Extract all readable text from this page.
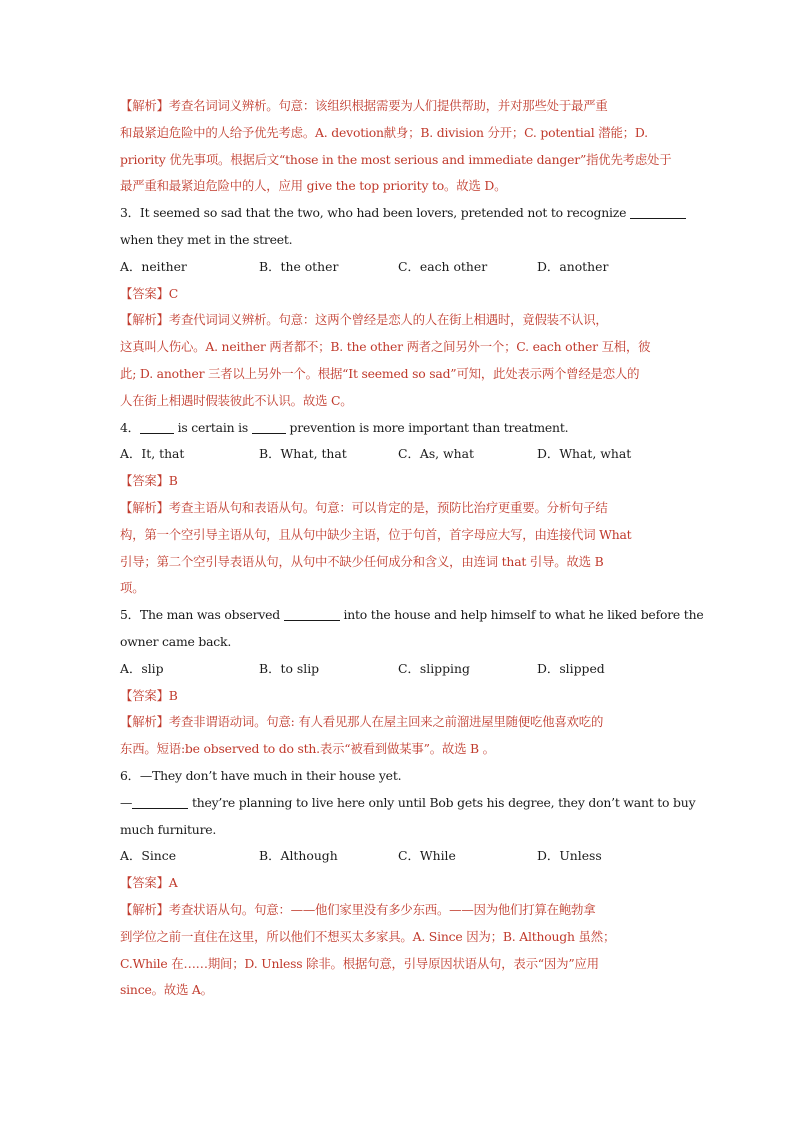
【解析】考查名词词义辨析。句意：该组织根据需要为人们提供帮助，并对那些处于最严重
和最紧迫危险中的人给予优先考虑。A. devotion献身；B. division 分开；C. potential 潜能；D.
priority 优先事项。根据后文“those in the most serious and immediate danger”指优先考虑处于
最严重和最紧迫危险中的人，应用 give the top priority to。故选 D。
3．It seemed so sad that the two, who had been lovers, pretended not to recognize
when they met in the street.
A．neither	B．the other	C．each other	D．another
【答案】C
【解析】考查代词词义辨析。句意：这两个曾经是恋人的人在街上相遇时，竟假装不认识，
这真叫人伤心。A. neither 两者都不；B. the other 两者之间另外一个；C. each other 互相，彼
此; D. another 三者以上另外一个。根据“It seemed so sad”可知，此处表示两个曾经是恋人的
人在街上相遇时假装彼此不认识。故选 C。
4．	is certain is	prevention is more important than treatment.
A．It, that	B．What, that	C．As, what	D．What, what
【答案】B
【解析】考查主语从句和表语从句。句意：可以肯定的是，预防比治疗更重要。分析句子结
构，第一个空引导主语从句，且从句中缺少主语，位于句首，首字母应大写，由连接代词 What
引导；第二个空引导表语从句，从句中不缺少任何成分和含义，由连词 that 引导。故选 B
项。
5．The man was observed	into the house and help himself to what he liked before the
owner came back.
A．slip	B．to slip	C．slipping	D．slipped
【答案】B
【解析】考查非谓语动词。句意: 有人看见那人在屋主回来之前溜进屋里随便吃他喜欢吃的
东西。短语:be observed to do sth.表示“被看到做某事”。故选 B 。
6．—They don’t have much in their house yet.
—	they’re planning to live here only until Bob gets his degree, they don’t want to buy
much furniture.
A．Since	B．Although	C．While	D．Unless
【答案】A
【解析】考查状语从句。句意：——他们家里没有多少东西。——因为他们打算在鲍勃拿
到学位之前一直住在这里，所以他们不想买太多家具。A. Since 因为；B. Although 虽然；
C.While 在……期间；D. Unless 除非。根据句意，引导原因状语从句，表示“因为”应用
since。故选 A。
